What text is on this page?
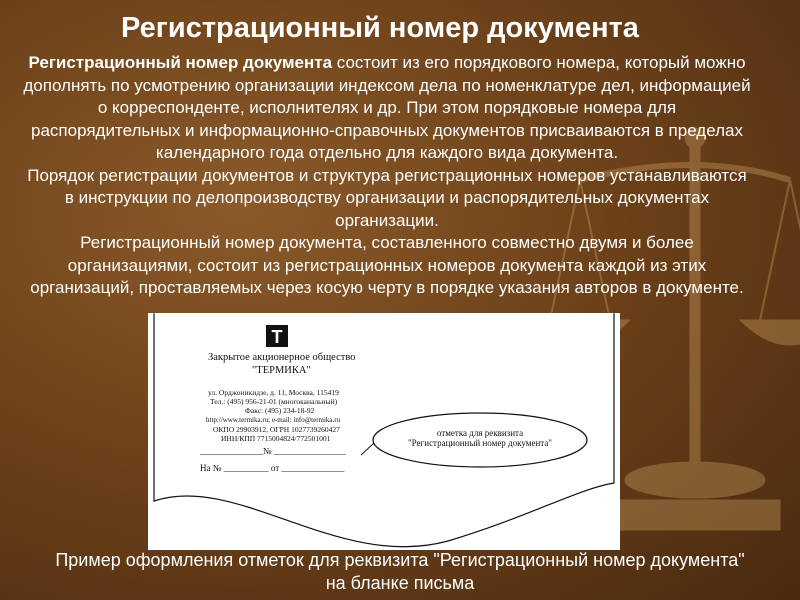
Регистрационный номер документа

Регистрационный номер документа состоит из его порядкового номера, который можно дополнять по усмотрению организации индексом дела по номенклатуре дел, информацией о корреспонденте, исполнителях и др. При этом порядковые номера для распорядительных и информационно-справочных документов присваиваются в пределах календарного года отдельно для каждого вида документа.

Порядок регистрации документов и структура регистрационных номеров устанавливаются в инструкции по делопроизводству организации и распорядительных документах организации.

Регистрационный номер документа, составленного совместно двумя и более организациями, состоит из регистрационных номеров документа каждой из этих организаций, проставляемых через косую черту в порядке указания авторов в документе.

T
Закрытое акционерное общество
"ТЕРМИКА"
ул. Орджоникидзе, д. 11, Москва, 115419
Тел.: (495) 956-21-01 (многоканальный)
Факс: (495) 234-18-92
http://www.termika.ru; e-mail: info@termika.ru
ОКПО 29903912, ОГРН 1027739260427
ИНН/КПП 7715004824/772501001
______________№ ________________
На № __________ от ______________
отметка для реквизита
"Регистрационный номер документа"
Пример оформления отметок для реквизита "Регистрационный номер документа"
на бланке письма
